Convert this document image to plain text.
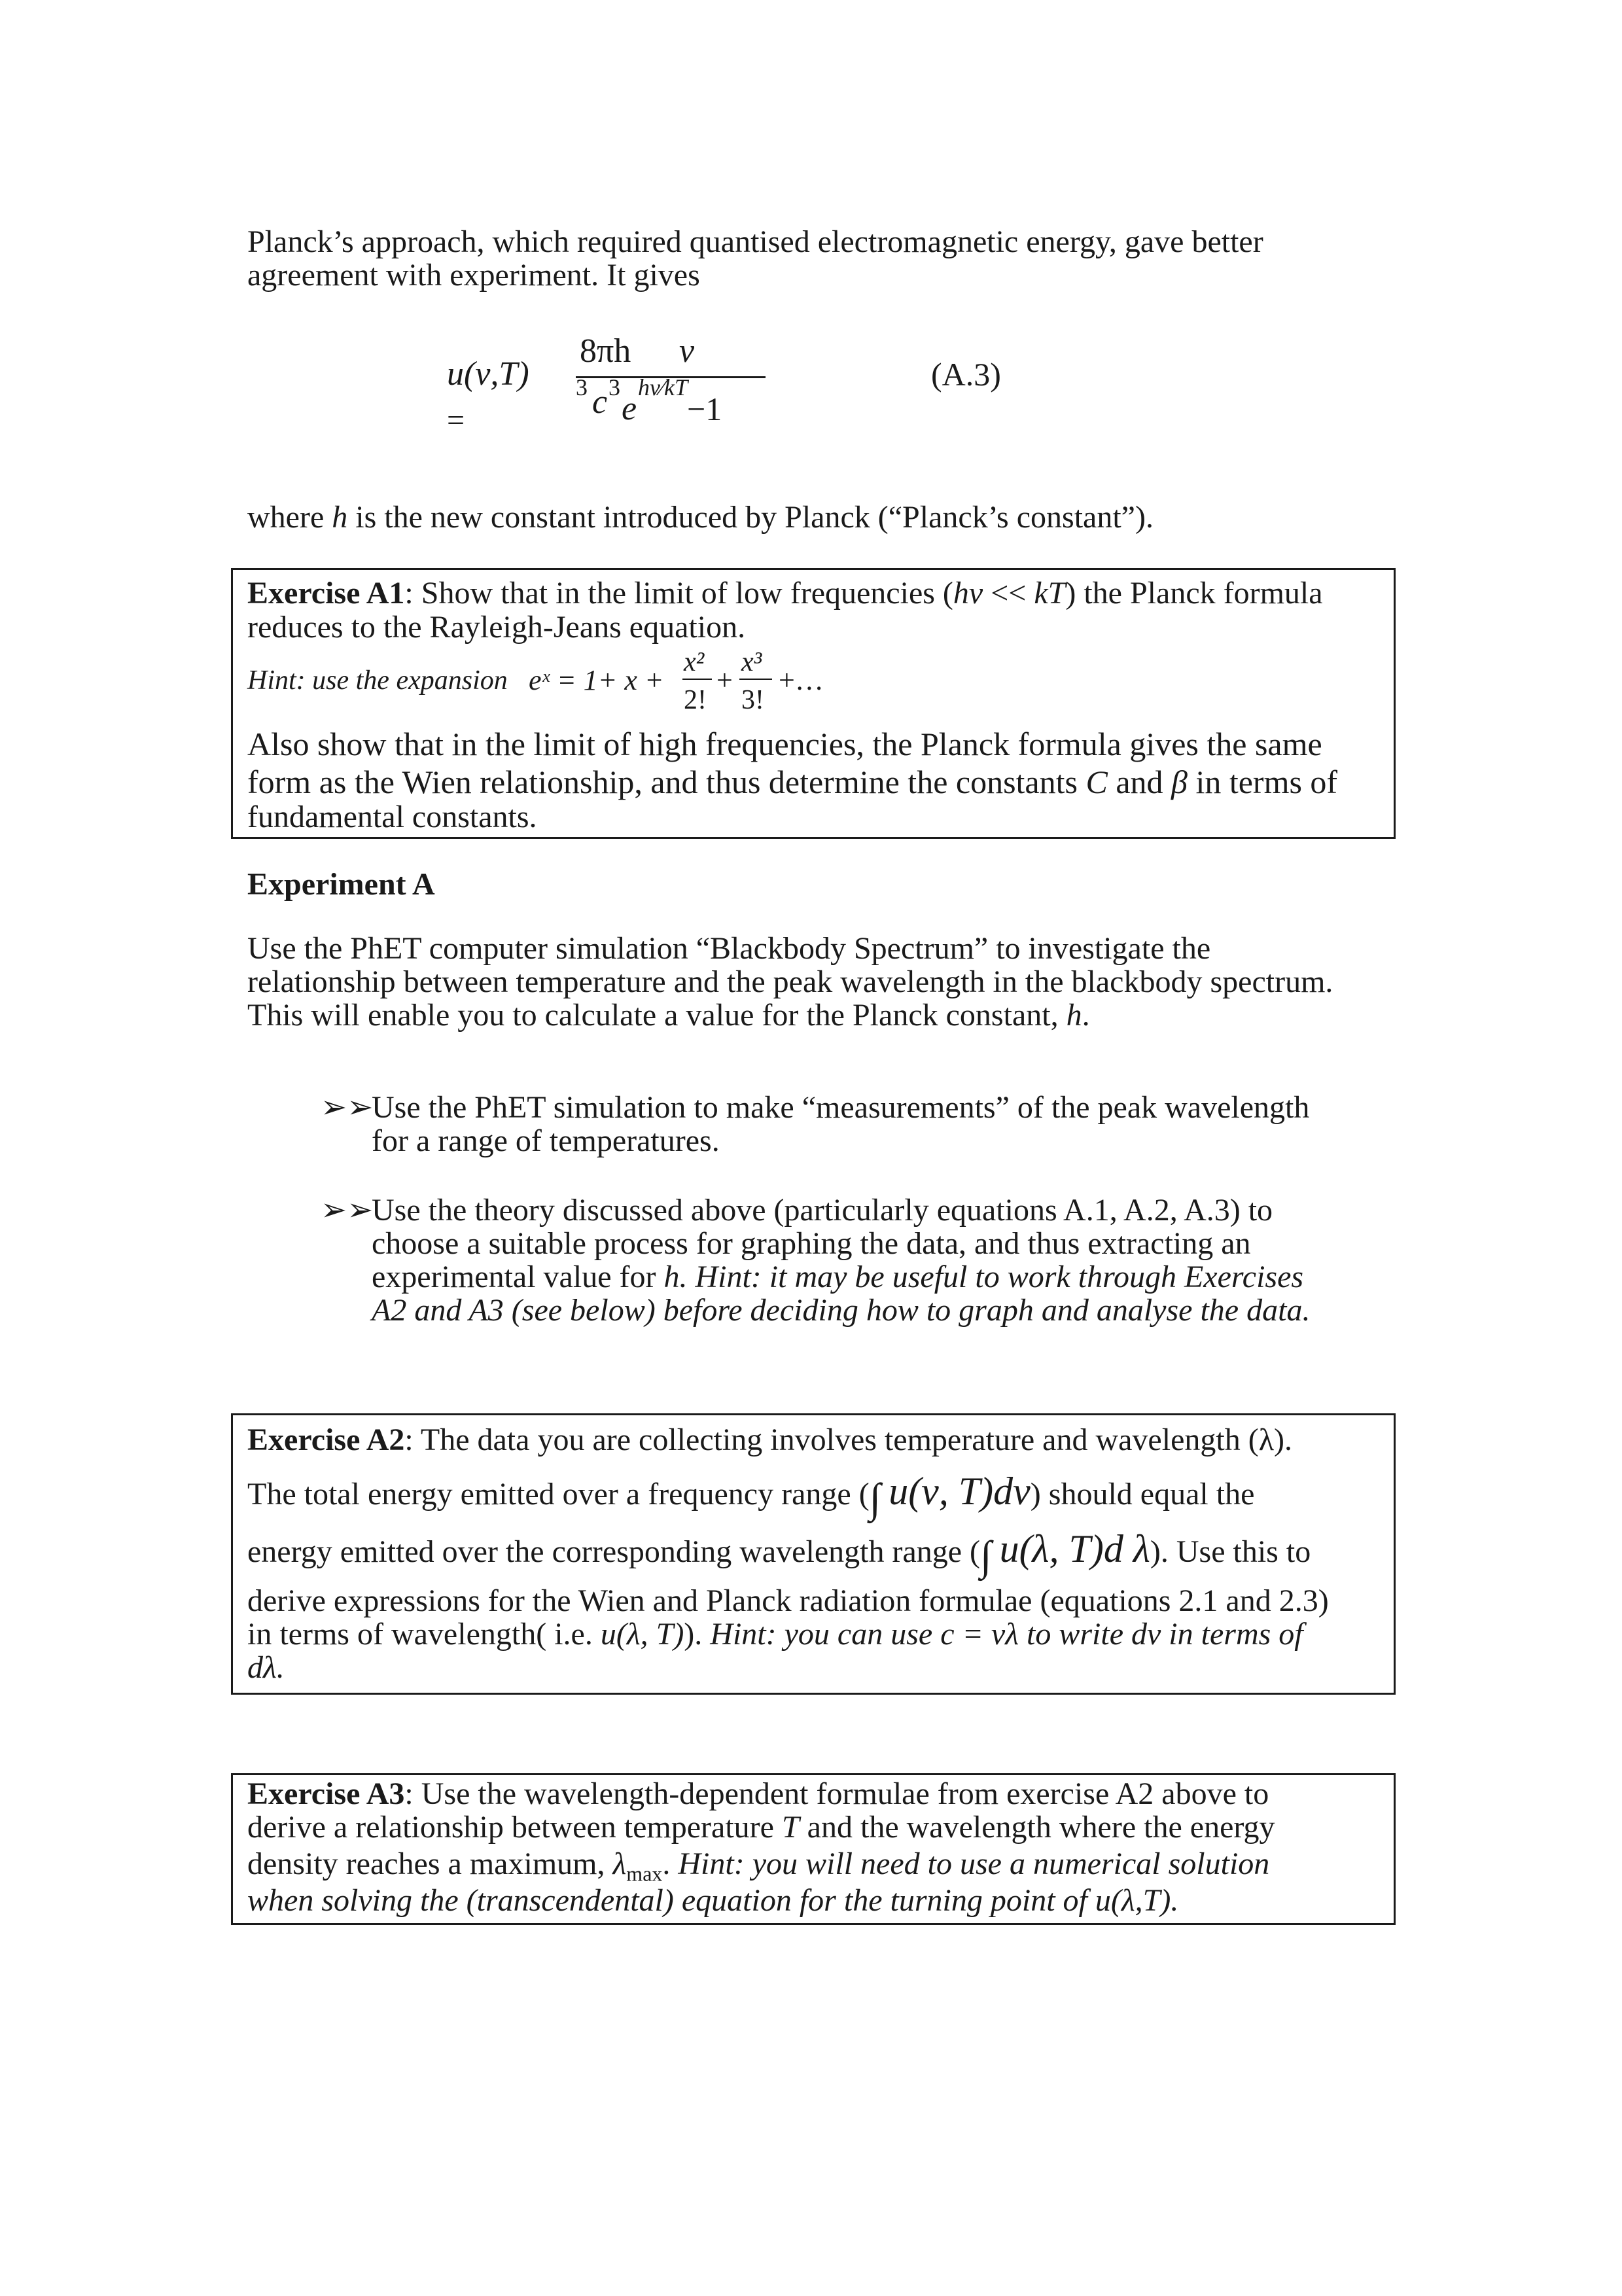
Planck’s approach, which required quantised electromagnetic energy, gave better
agreement with experiment. It gives
u(ν,T)
=
8πh ν
3 c 3
e
hν⁄kT
−1
(A.3)
where h is the new constant introduced by Planck (“Planck’s constant”).
Exercise A1: Show that in the limit of low frequencies (hν << kT) the Planck formula
reduces to the Rayleigh-Jeans equation.
Hint: use the expansion eˣ = 1+ x +
x²
+
x³
+…
2! 3!
Also show that in the limit of high frequencies, the Planck formula gives the same
form as the Wien relationship, and thus determine the constants C and β in terms of
fundamental constants.
Experiment A
Use the PhET computer simulation “Blackbody Spectrum” to investigate the
relationship between temperature and the peak wavelength in the blackbody spectrum.
This will enable you to calculate a value for the Planck constant, h.
➢➢Use the PhET simulation to make “measurements” of the peak wavelength
for a range of temperatures.
➢➢Use the theory discussed above (particularly equations A.1, A.2, A.3) to
choose a suitable process for graphing the data, and thus extracting an
experimental value for h. Hint: it may be useful to work through Exercises
A2 and A3 (see below) before deciding how to graph and analyse the data.
Exercise A2: The data you are collecting involves temperature and wavelength (λ).
The total energy emitted over a frequency range (∫ u(ν, T)dν) should equal the
energy emitted over the corresponding wavelength range (∫ u(λ, T)d λ). Use this to
derive expressions for the Wien and Planck radiation formulae (equations 2.1 and 2.3)
in terms of wavelength( i.e. u(λ, T)). Hint: you can use c = νλ to write dν in terms of
dλ.
Exercise A3: Use the wavelength-dependent formulae from exercise A2 above to
derive a relationship between temperature T and the wavelength where the energy
density reaches a maximum, $\lambda_{max}$. Hint: you will need to use a numerical solution
when solving the (transcendental) equation for the turning point of u(λ,T).
